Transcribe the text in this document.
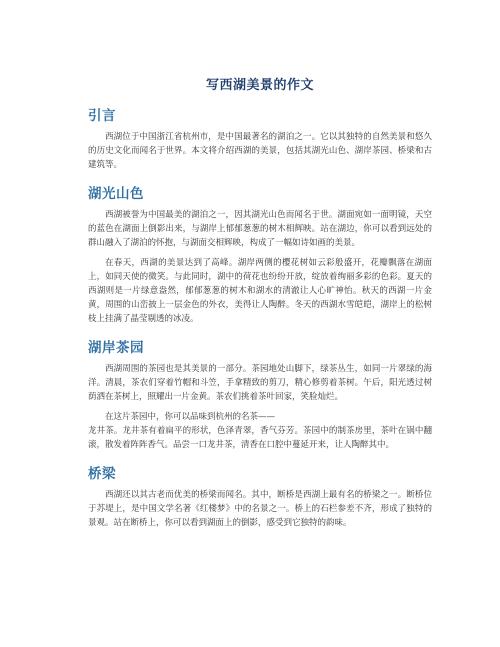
写西湖美景的作文
引言

西湖位于中国浙江省杭州市，是中国最著名的湖泊之一。它以其独特的自然美景和悠久的历史文化而闻名于世界。本文将介绍西湖的美景，包括其湖光山色、湖岸茶园、桥梁和古建筑等。

湖光山色

西湖被誉为中国最美的湖泊之一，因其湖光山色而闻名于世。湖面宛如一面明镜，天空的蓝色在湖面上倒影出来，与湖岸上郁郁葱葱的树木相辉映。站在湖边，你可以看到远处的群山融入了湖泊的怀抱，与湖面交相辉映，构成了一幅如诗如画的美景。

在春天，西湖的美景达到了高峰。湖岸两侧的樱花树如云彩般盛开，花瓣飘落在湖面上，如同天使的微笑。与此同时，湖中的荷花也纷纷开放，绽放着绚丽多彩的色彩。夏天的西湖则是一片绿意盎然，郁郁葱葱的树木和湖水的清澈让人心旷神怡。秋天的西湖一片金黄，周围的山峦披上一层金色的外衣，美得让人陶醉。冬天的西湖水雪皑皑，湖岸上的松树枝上挂满了晶莹剔透的冰凌。

湖岸茶园

西湖周围的茶园也是其美景的一部分。茶园地处山脚下，绿茶丛生，如同一片翠绿的海洋。清晨，茶农们穿着竹帽和斗笠，手拿精致的剪刀，精心修剪着茶树。午后，阳光透过树荫洒在茶树上，照耀出一片金黄。茶农们挑着茶叶回家，笑脸灿烂。

在这片茶园中，你可以品味到杭州的名茶——

龙井茶。龙井茶有着扁平的形状，色泽青翠，香气芬芳。茶园中的制茶房里，茶叶在锅中翻滚，散发着阵阵香气。品尝一口龙井茶，清香在口腔中蔓延开来，让人陶醉其中。

桥梁

西湖还以其古老而优美的桥梁而闻名。其中，断桥是西湖上最有名的桥梁之一。断桥位于苏堤上，是中国文学名著《红楼梦》中的名景之一。桥上的石栏参差不齐，形成了独特的景观。站在断桥上，你可以看到湖面上的倒影，感受到它独特的韵味。
